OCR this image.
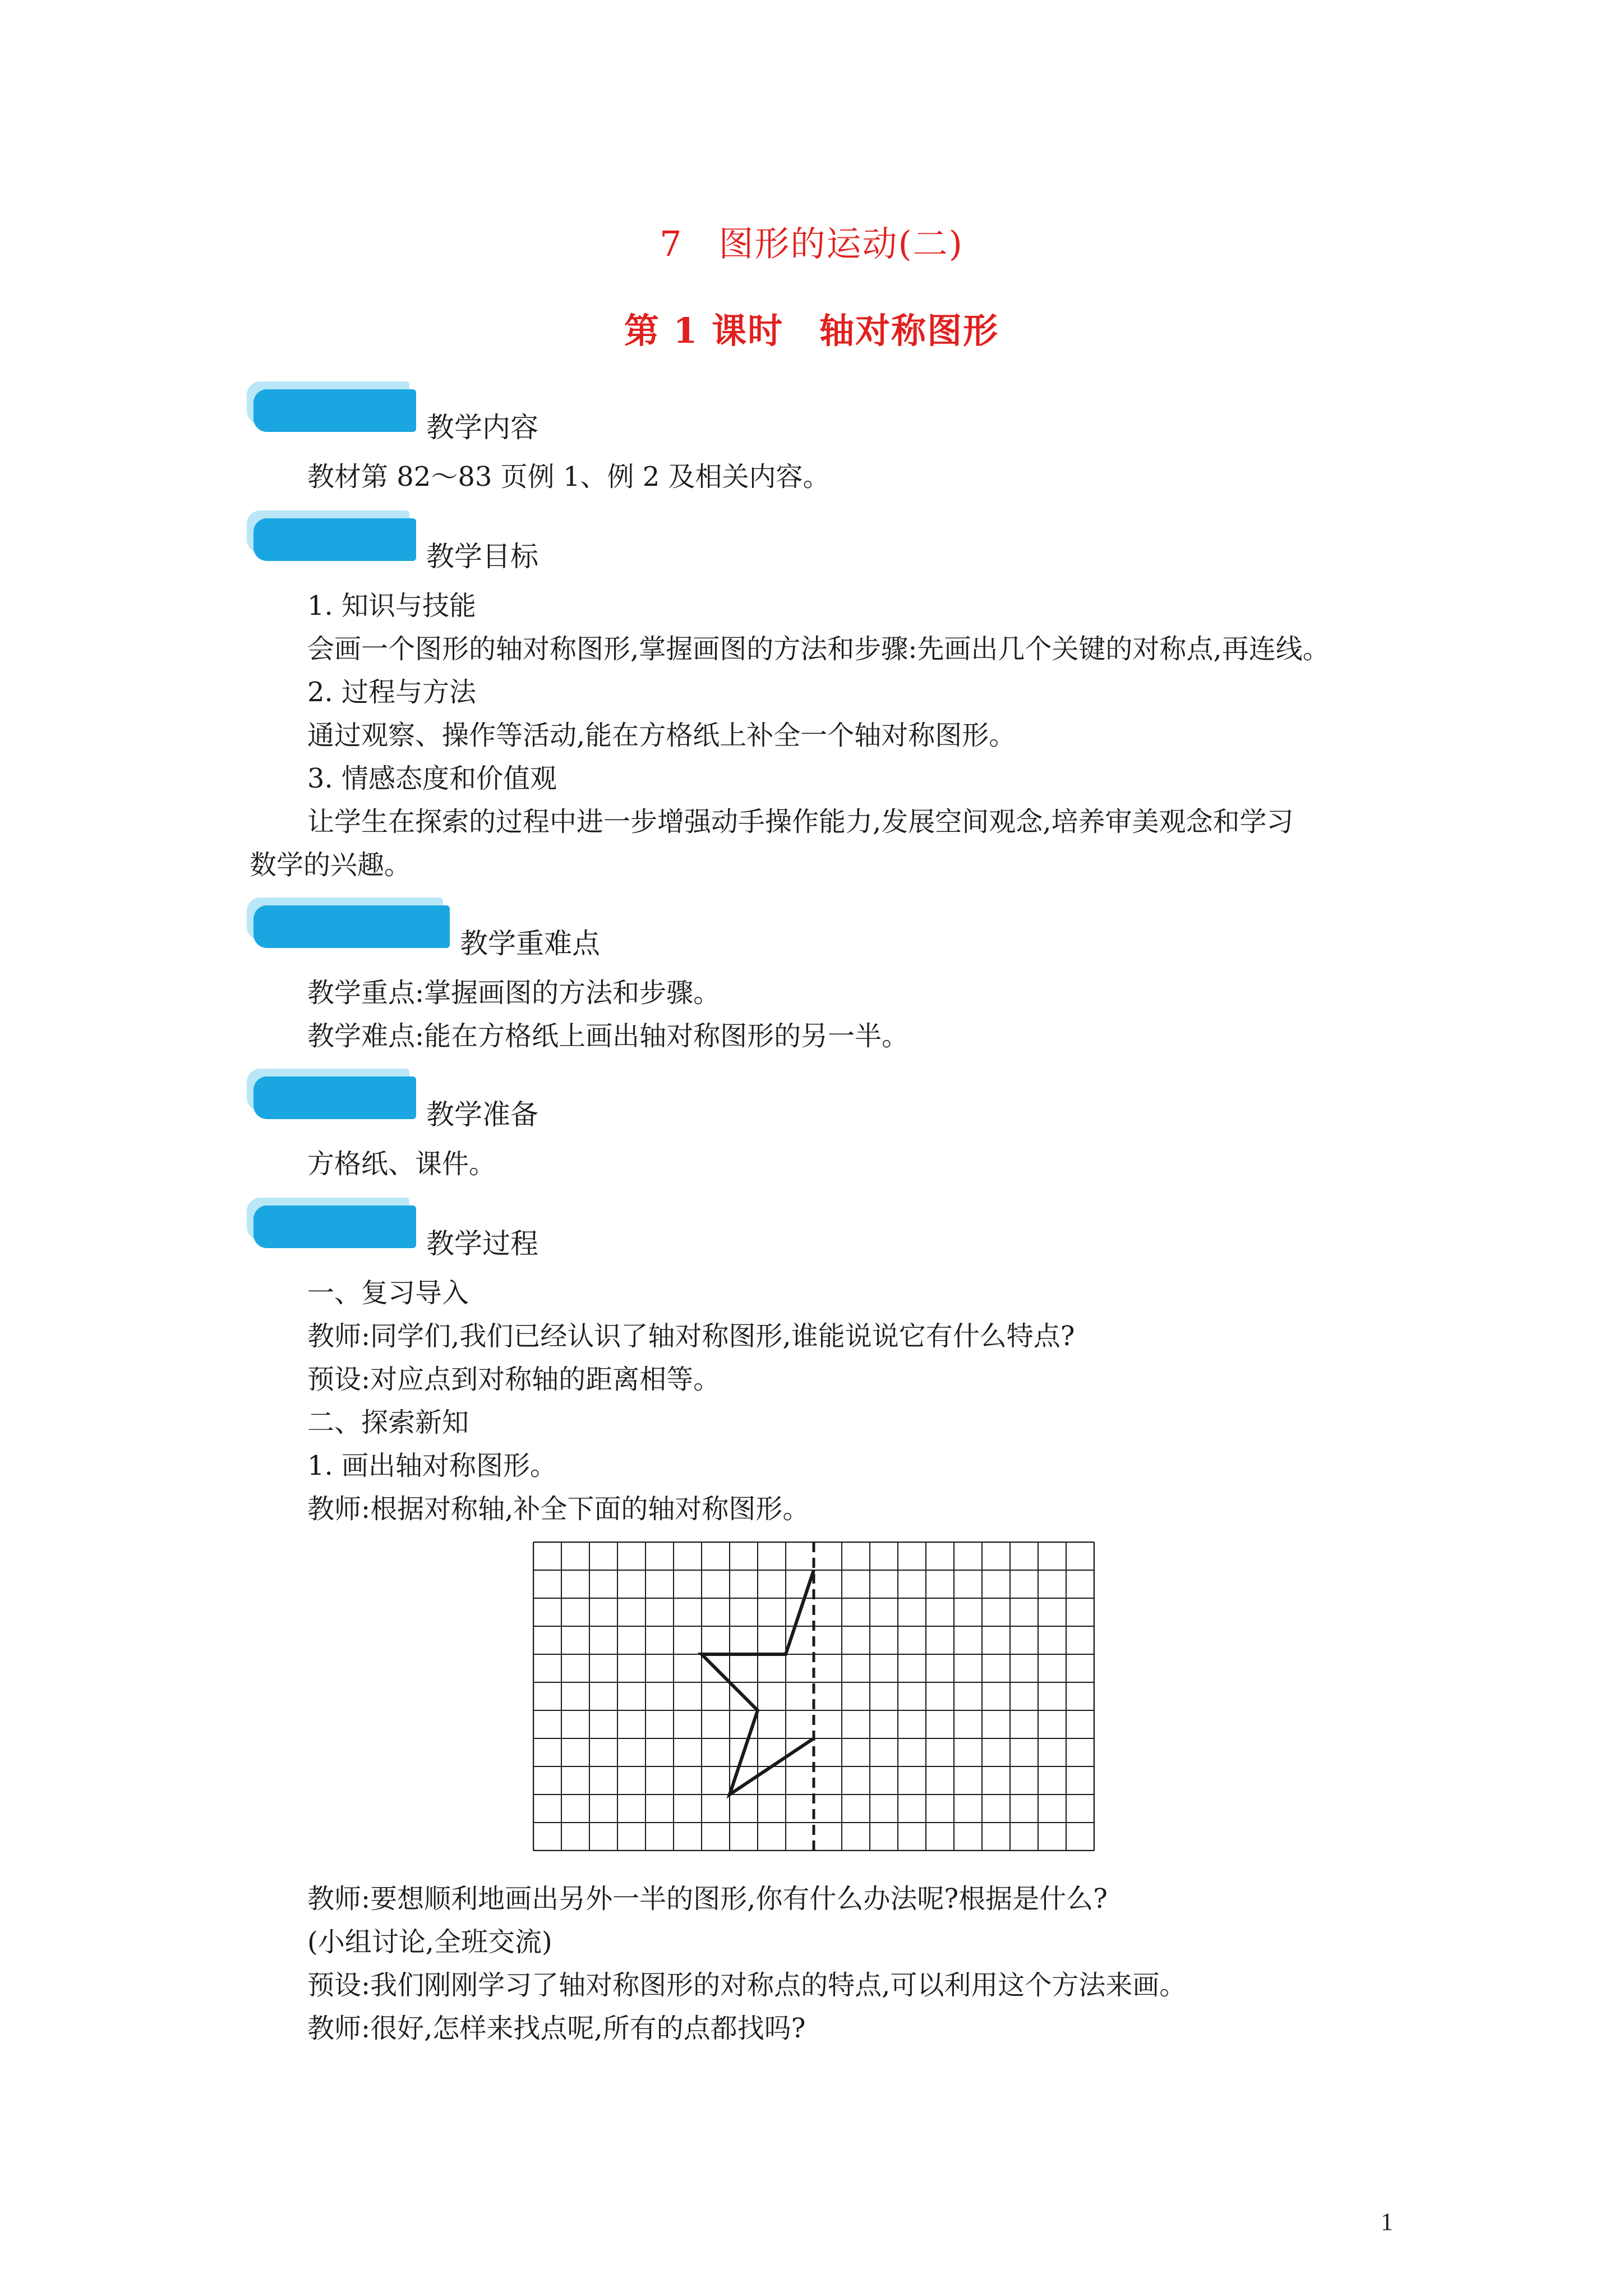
7　图形的运动(二)
第 1 课时　轴对称图形
教学内容
教材第 82～83 页例 1、例 2 及相关内容。
教学目标
1. 知识与技能
会画一个图形的轴对称图形,掌握画图的方法和步骤:先画出几个关键的对称点,再连线。
2. 过程与方法
通过观察、操作等活动,能在方格纸上补全一个轴对称图形。
3. 情感态度和价值观
让学生在探索的过程中进一步增强动手操作能力,发展空间观念,培养审美观念和学习
数学的兴趣。
教学重难点
教学重点:掌握画图的方法和步骤。
教学难点:能在方格纸上画出轴对称图形的另一半。
教学准备
方格纸、课件。
教学过程
一、复习导入
教师:同学们,我们已经认识了轴对称图形,谁能说说它有什么特点?
预设:对应点到对称轴的距离相等。
二、探索新知
1. 画出轴对称图形。
教师:根据对称轴,补全下面的轴对称图形。
教师:要想顺利地画出另外一半的图形,你有什么办法呢?根据是什么?
(小组讨论,全班交流)
预设:我们刚刚学习了轴对称图形的对称点的特点,可以利用这个方法来画。
教师:很好,怎样来找点呢,所有的点都找吗?
1
